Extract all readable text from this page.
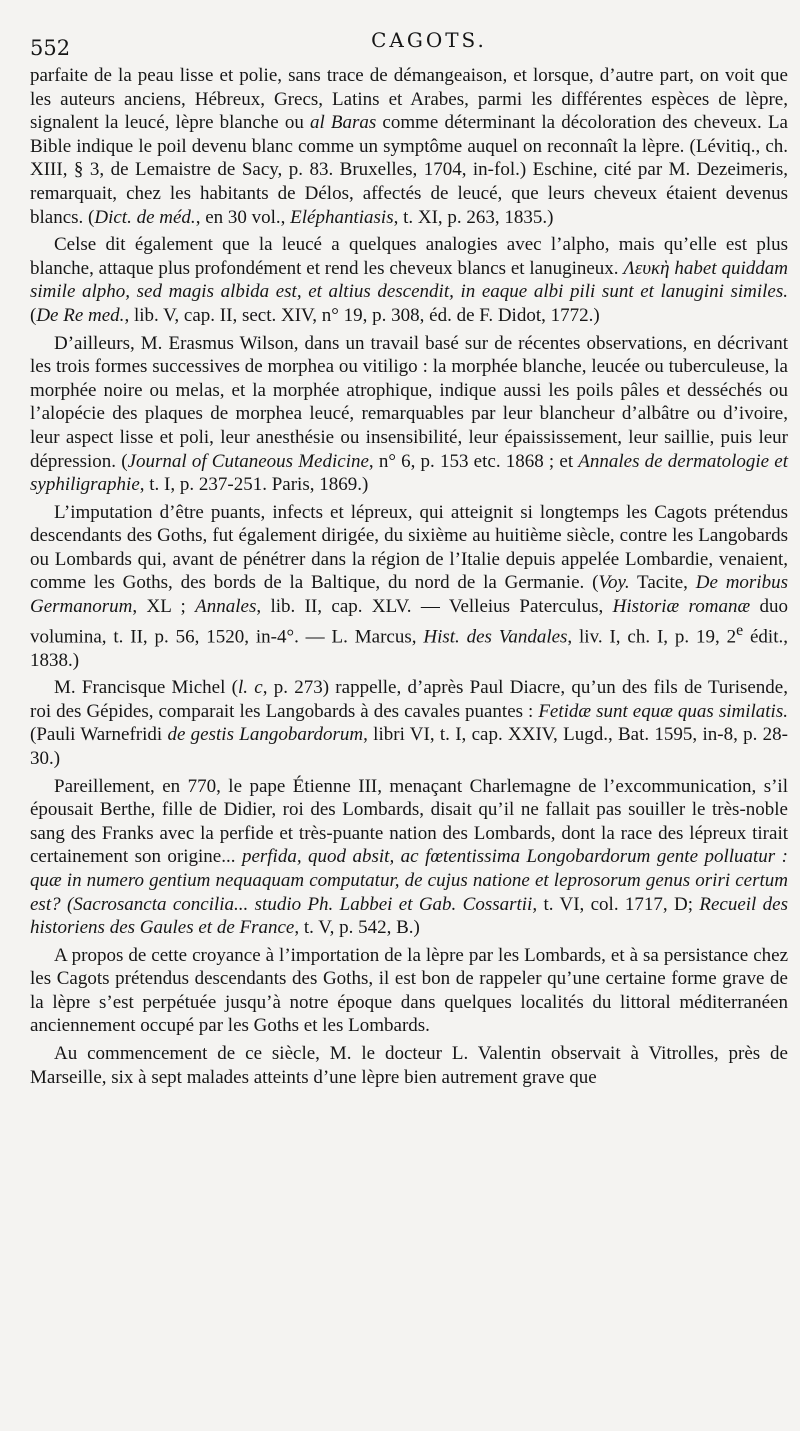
552	CAGOTS.

parfaite de la peau lisse et polie, sans trace de démangeaison, et lorsque, d’autre part, on voit que les auteurs anciens, Hébreux, Grecs, Latins et Arabes, parmi les différentes espèces de lèpre, signalent la leucé, lèpre blanche ou al Baras comme déterminant la décoloration des cheveux. La Bible indique le poil devenu blanc comme un symptôme auquel on reconnaît la lèpre. (Lévitiq., ch. XIII, § 3, de Lemaistre de Sacy, p. 83. Bruxelles, 1704, in-fol.) Eschine, cité par M. Dezeimeris, remarquait, chez les habitants de Délos, affectés de leucé, que leurs cheveux étaient devenus blancs. (Dict. de méd., en 30 vol., Eléphantiasis, t. XI, p. 263, 1835.)

Celse dit également que la leucé a quelques analogies avec l’alpho, mais qu’elle est plus blanche, attaque plus profondément et rend les cheveux blancs et lanugineux. Λευκὴ habet quiddam simile alpho, sed magis albida est, et altius descendit, in eaque albi pili sunt et lanugini similes. (De Re med., lib. V, cap. II, sect. XIV, n° 19, p. 308, éd. de F. Didot, 1772.)

D’ailleurs, M. Erasmus Wilson, dans un travail basé sur de récentes observations, en décrivant les trois formes successives de morphea ou vitiligo : la morphée blanche, leucée ou tuberculeuse, la morphée noire ou melas, et la morphée atrophique, indique aussi les poils pâles et desséchés ou l’alopécie des plaques de morphea leucé, remarquables par leur blancheur d’albâtre ou d’ivoire, leur aspect lisse et poli, leur anesthésie ou insensibilité, leur épaississement, leur saillie, puis leur dépression. (Journal of Cutaneous Medicine, n° 6, p. 153 etc. 1868 ; et Annales de dermatologie et syphiligraphie, t. I, p. 237-251. Paris, 1869.)

L’imputation d’être puants, infects et lépreux, qui atteignit si longtemps les Cagots prétendus descendants des Goths, fut également dirigée, du sixième au huitième siècle, contre les Langobards ou Lombards qui, avant de pénétrer dans la région de l’Italie depuis appelée Lombardie, venaient, comme les Goths, des bords de la Baltique, du nord de la Germanie. (Voy. Tacite, De moribus Germanorum, XL ; Annales, lib. II, cap. XLV. — Velleius Paterculus, Historiæ romanæ duo volumina, t. II, p. 56, 1520, in-4°. — L. Marcus, Hist. des Vandales, liv. I, ch. I, p. 19, 2e édit., 1838.)

M. Francisque Michel (l. c, p. 273) rappelle, d’après Paul Diacre, qu’un des fils de Turisende, roi des Gépides, comparait les Langobards à des cavales puantes : Fetidæ sunt equæ quas similatis. (Pauli Warnefridi de gestis Langobardorum, libri VI, t. I, cap. XXIV, Lugd., Bat. 1595, in-8, p. 28-30.)

Pareillement, en 770, le pape Étienne III, menaçant Charlemagne de l’excommunication, s’il épousait Berthe, fille de Didier, roi des Lombards, disait qu’il ne fallait pas souiller le très-noble sang des Franks avec la perfide et très-puante nation des Lombards, dont la race des lépreux tirait certainement son origine... perfida, quod absit, ac fœtentissima Longobardorum gente polluatur : quæ in numero gentium nequaquam computatur, de cujus natione et leprosorum genus oriri certum est? (Sacrosancta concilia... studio Ph. Labbei et Gab. Cossartii, t. VI, col. 1717, D; Recueil des historiens des Gaules et de France, t. V, p. 542, B.)

A propos de cette croyance à l’importation de la lèpre par les Lombards, et à sa persistance chez les Cagots prétendus descendants des Goths, il est bon de rappeler qu’une certaine forme grave de la lèpre s’est perpétuée jusqu’à notre époque dans quelques localités du littoral méditerranéen anciennement occupé par les Goths et les Lombards.

Au commencement de ce siècle, M. le docteur L. Valentin observait à Vitrolles, près de Marseille, six à sept malades atteints d’une lèpre bien autrement grave que
